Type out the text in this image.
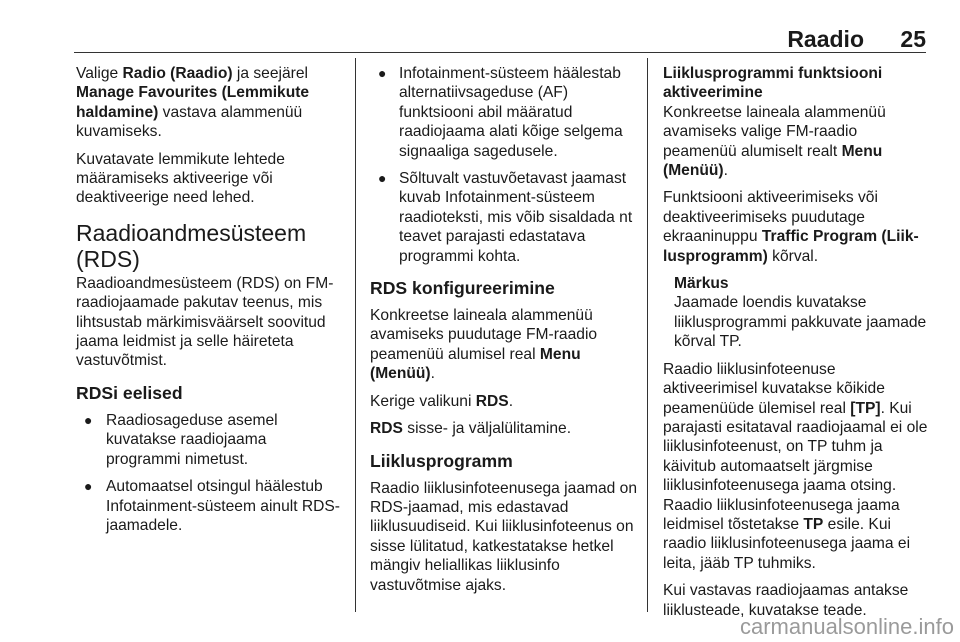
Raadio 25

Valige Radio (Raadio) ja seejärel Manage Favourites (Lemmikute haldamine) vastava alammenüü kuvamiseks.

Kuvatavate lemmikute lehtede määramiseks aktiveerige või deaktiveerige need lehed.

Raadioandmesüsteem (RDS)

Raadioandmesüsteem (RDS) on FM-raadiojaamade pakutav teenus, mis lihtsustab märkimisväärselt soovitud jaama leidmist ja selle häireteta vastuvõtmist.

RDSi eelised
● Raadiosageduse asemel kuvatakse raadiojaama programmi nimetust.
● Automaatsel otsingul häälestub Infotainment-süsteem ainult RDS-jaamadele.
● Infotainment-süsteem häälestab alternatiivsageduse (AF) funktsiooni abil määratud raadiojaama alati kõige selgema signaaliga sagedusele.
● Sõltuvalt vastuvõetavast jaamast kuvab Infotainment-süsteem raadioteksti, mis võib sisaldada nt teavet parajasti edastatava programmi kohta.
RDS konfigureerimine

Konkreetse laineala alammenüü avamiseks puudutage FM-raadio peamenüü alumisel real Menu (Menüü).

Kerige valikuni RDS.

RDS sisse- ja väljalülitamine.

Liiklusprogramm

Raadio liiklusinfoteenusega jaamad on RDS-jaamad, mis edastavad liiklusuudiseid. Kui liiklusinfoteenus on sisse lülitatud, katkestatakse hetkel mängiv heliallikas liiklusinfo vastuvõtmise ajaks.

Liiklusprogrammi funktsiooni aktiveerimine

Konkreetse laineala alammenüü avamiseks valige FM-raadio peamenüü alumiselt realt Menu (Menüü).

Funktsiooni aktiveerimiseks või deaktiveerimiseks puudutage ekraaninuppu Traffic Program (Liik-lusprogramm) kõrval.

Märkus
Jaamade loendis kuvatakse liiklusprogrammi pakkuvate jaamade kõrval TP.

Raadio liiklusinfoteenuse aktiveerimisel kuvatakse kõikide peamenüüde ülemisel real [TP]. Kui parajasti esitataval raadiojaamal ei ole liiklusinfoteenust, on TP tuhm ja käivitub automaatselt järgmise liiklusinfoteenusega jaama otsing. Raadio liiklusinfoteenusega jaama leidmisel tõstetakse TP esile. Kui raadio liiklusinfoteenusega jaama ei leita, jääb TP tuhmiks.

Kui vastavas raadiojaamas antakse liiklusteade, kuvatakse teade.

carmanualsonline.info
